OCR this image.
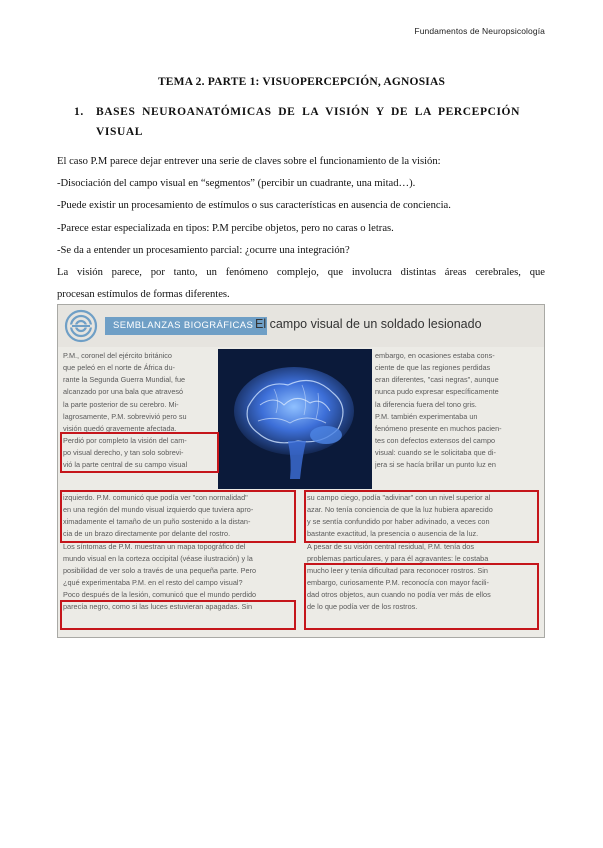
Fundamentos de Neuropsicología
TEMA 2. PARTE 1: VISUOPERCEPCIÓN, AGNOSIAS
1.	BASES NEUROANATÓMICAS DE LA VISIÓN Y DE LA PERCEPCIÓN
VISUAL

El caso P.M parece dejar entrever una serie de claves sobre el funcionamiento de la visión:

-Disociación del campo visual en “segmentos” (percibir un cuadrante, una mitad…).

-Puede existir un procesamiento de estímulos o sus características en ausencia de conciencia.

-Parece estar especializada en tipos: P.M percibe objetos, pero no caras o letras.

-Se da a entender un procesamiento parcial: ¿ocurre una integración?

La visión parece, por tanto, un fenómeno complejo, que involucra distintas áreas cerebrales, que

procesan estímulos de formas diferentes.

SEMBLANZAS BIOGRÁFICAS El campo visual de un soldado lesionado
P.M., coronel del ejército británico
que peleó en el norte de África du-
rante la Segunda Guerra Mundial, fue
alcanzado por una bala que atravesó
la parte posterior de su cerebro. Mi-
lagrosamente, P.M. sobrevivió pero su
visión quedó gravemente afectada.
Perdió por completo la visión del cam-
po visual derecho, y tan solo sobrevi-
vió la parte central de su campo visual
embargo, en ocasiones estaba cons-
ciente de que las regiones perdidas
eran diferentes, "casi negras", aunque
nunca pudo expresar específicamente
la diferencia fuera del tono gris.
P.M. también experimentaba un
fenómeno presente en muchos pacien-
tes con defectos extensos del campo
visual: cuando se le solicitaba que di-
jera si se hacía brillar un punto luz en
izquierdo. P.M. comunicó que podía ver "con normalidad"
en una región del mundo visual izquierdo que tuviera apro-
ximadamente el tamaño de un puño sostenido a la distan-
cia de un brazo directamente por delante del rostro.
Los síntomas de P.M. muestran un mapa topográfico del
mundo visual en la corteza occipital (véase ilustración) y la
posibilidad de ver solo a través de una pequeña parte. Pero
¿qué experimentaba P.M. en el resto del campo visual?
Poco después de la lesión, comunicó que el mundo perdido
parecía negro, como si las luces estuvieran apagadas. Sin
su campo ciego, podía "adivinar" con un nivel superior al
azar. No tenía conciencia de que la luz hubiera aparecido
y se sentía confundido por haber adivinado, a veces con
bastante exactitud, la presencia o ausencia de la luz.
A pesar de su visión central residual, P.M. tenía dos
problemas particulares, y para él agravantes: le costaba
mucho leer y tenía dificultad para reconocer rostros. Sin
embargo, curiosamente P.M. reconocía con mayor facili-
dad otros objetos, aun cuando no podía ver más de ellos
de lo que podía ver de los rostros.
